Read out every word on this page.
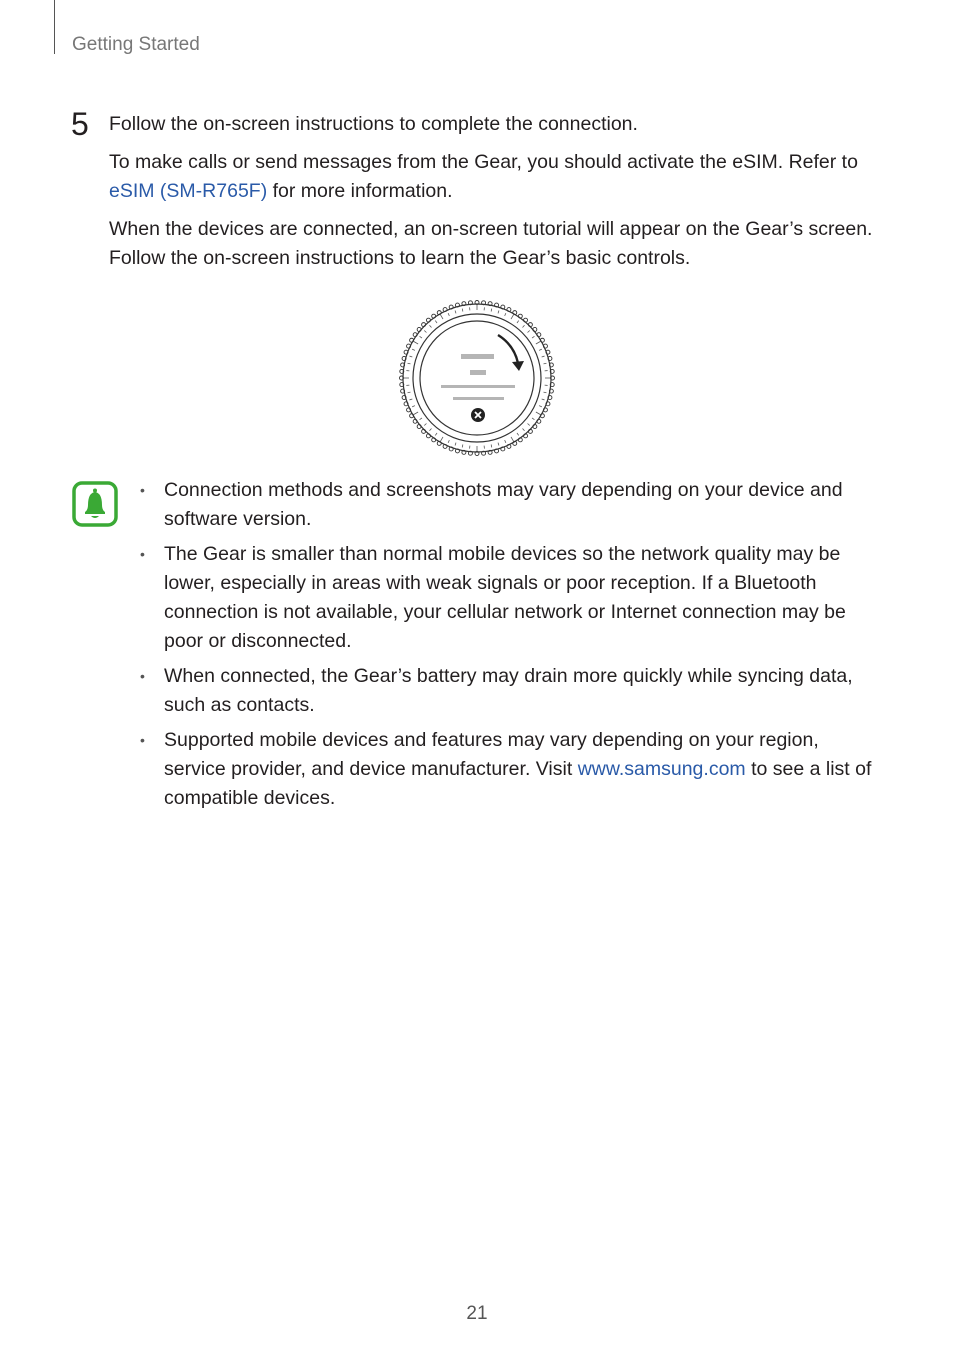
Getting Started
5 Follow the on-screen instructions to complete the connection.
To make calls or send messages from the Gear, you should activate the eSIM. Refer to eSIM (SM-R765F) for more information.
When the devices are connected, an on-screen tutorial will appear on the Gear’s screen. Follow the on-screen instructions to learn the Gear’s basic controls.
• Connection methods and screenshots may vary depending on your device and software version.
• The Gear is smaller than normal mobile devices so the network quality may be lower, especially in areas with weak signals or poor reception. If a Bluetooth connection is not available, your cellular network or Internet connection may be poor or disconnected.
• When connected, the Gear’s battery may drain more quickly while syncing data, such as contacts.
• Supported mobile devices and features may vary depending on your region, service provider, and device manufacturer. Visit www.samsung.com to see a list of compatible devices.
21
